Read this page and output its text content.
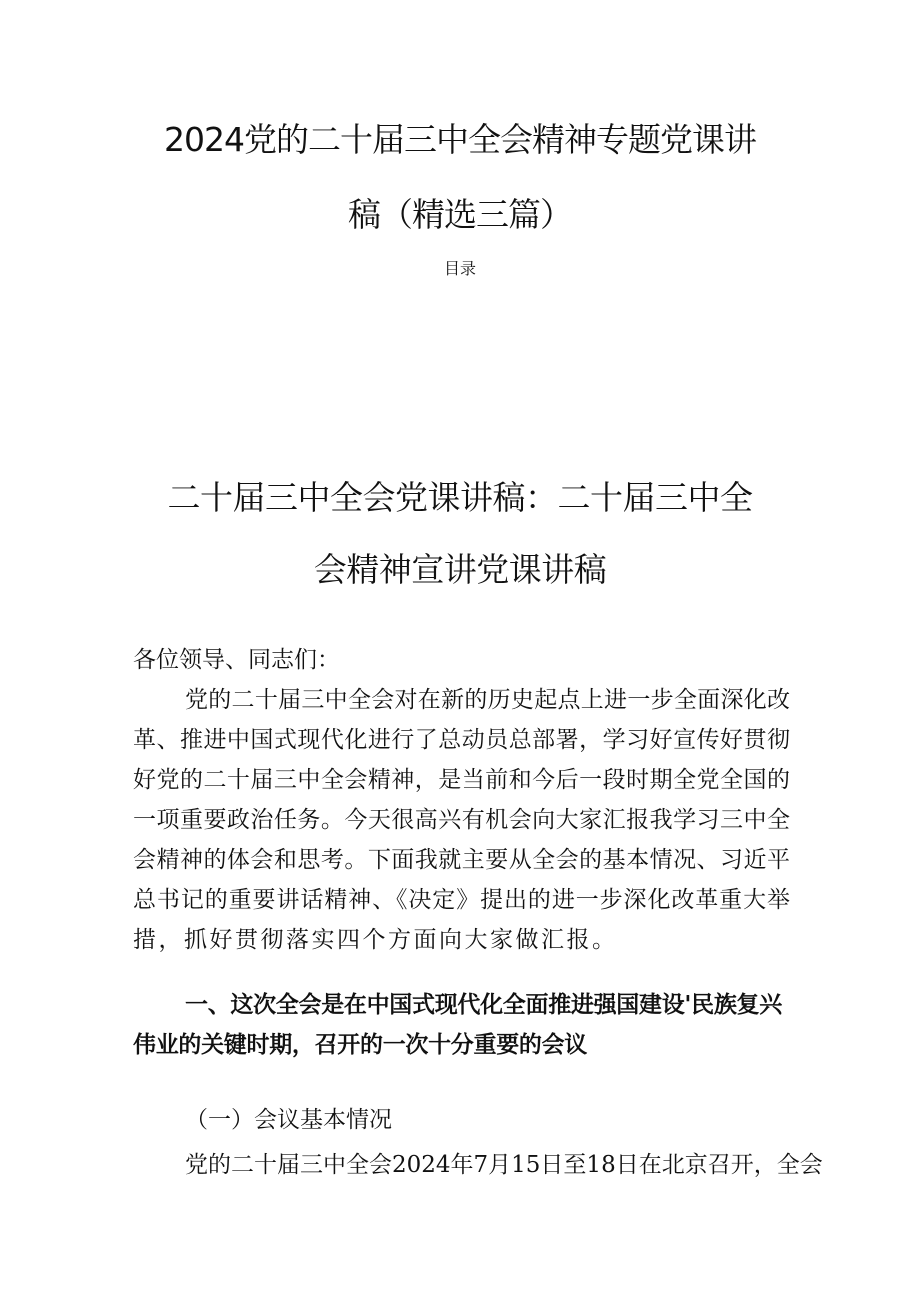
2024党的二十届三中全会精神专题党课讲
稿（精选三篇）
目录
二十届三中全会党课讲稿：二十届三中全
会精神宣讲党课讲稿
各位领导、同志们：
党的二十届三中全会对在新的历史起点上进一步全面深化改
革、推进中国式现代化进行了总动员总部署，学习好宣传好贯彻
好党的二十届三中全会精神，是当前和今后一段时期全党全国的
一项重要政治任务。今天很高兴有机会向大家汇报我学习三中全
会精神的体会和思考。下面我就主要从全会的基本情况、习近平
总书记的重要讲话精神、《决定》提出的进一步深化改革重大举
措，抓好贯彻落实四个方面向大家做汇报。
一、这次全会是在中国式现代化全面推进强国建设'民族复兴
伟业的关键时期，召开的一次十分重要的会议
（一）会议基本情况
党的二十届三中全会2024年7月15日至18日在北京召开，全会
